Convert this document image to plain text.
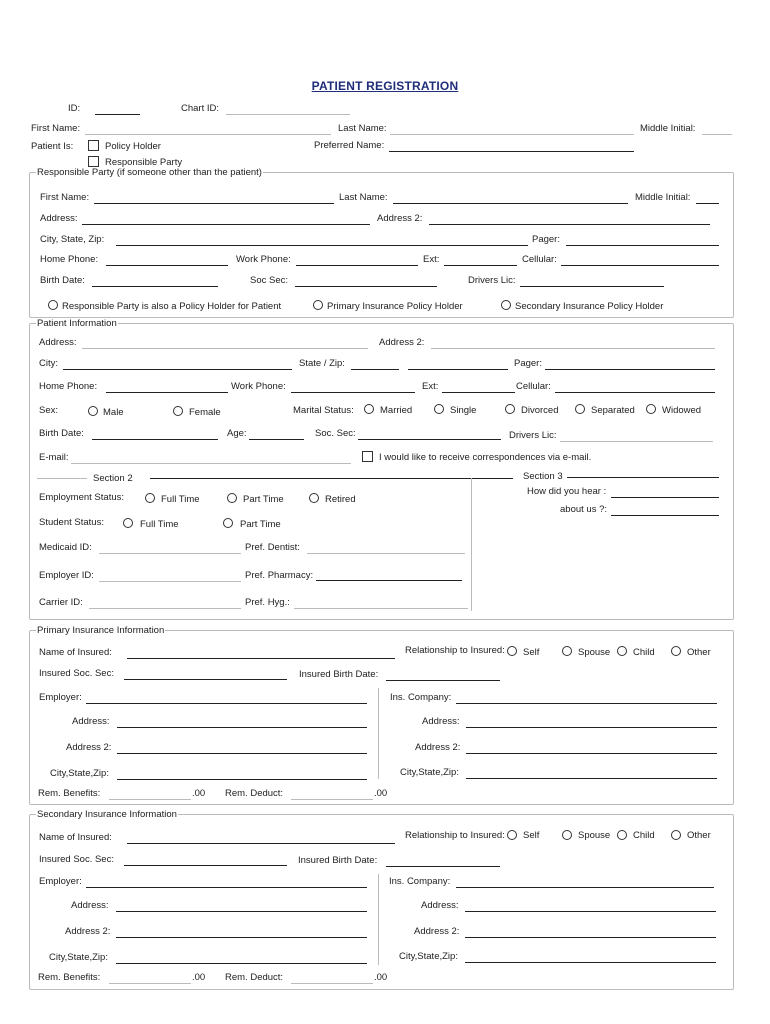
PATIENT REGISTRATION
ID:	Chart ID:
First Name:	Last Name:	Middle Initial:
Patient Is:	Policy Holder	Preferred Name:
Responsible Party
Responsible Party (if someone other than the patient)
First Name:	Last Name:	Middle Initial:
Address:	Address 2:
City, State, Zip:	Pager:
Home Phone:	Work Phone:	Ext:	Cellular:
Birth Date:	Soc Sec:	Drivers Lic:
Responsible Party is also a Policy Holder for Patient	Primary Insurance Policy Holder	Secondary Insurance Policy Holder
Patient Information
Address:	Address 2:
City:	State / Zip:	Pager:
Home Phone:	Work Phone:	Ext:	Cellular:
Sex:	Male	Female	Marital Status:	Married	Single	Divorced	Separated	Widowed
Birth Date:	Age:	Soc. Sec:	Drivers Lic:
E-mail:	I would like to receive correspondences via e-mail.
Section 2	Section 3
How did you hear :
about us ?:
Employment Status:	Full Time	Part Time	Retired
Student Status:	Full Time	Part Time
Medicaid ID:	Pref. Dentist:
Employer ID:	Pref. Pharmacy:
Carrier ID:	Pref. Hyg.:
Primary Insurance Information
Name of Insured:	Relationship to Insured: Self	Spouse Child	Other
Insured Soc. Sec:	Insured Birth Date:
Employer:	Ins. Company:
Address:	Address:
Address 2:	Address 2:
City,State,Zip:	City,State,Zip:
Rem. Benefits:	.00 Rem. Deduct:	.00
Secondary Insurance Information
Name of Insured:	Relationship to Insured: Self	Spouse Child	Other
Insured Soc. Sec:	Insured Birth Date:
Employer:	Ins. Company:
Address:	Address:
Address 2:	Address 2:
City,State,Zip:	City,State,Zip:
Rem. Benefits:	.00 Rem. Deduct:	.00
